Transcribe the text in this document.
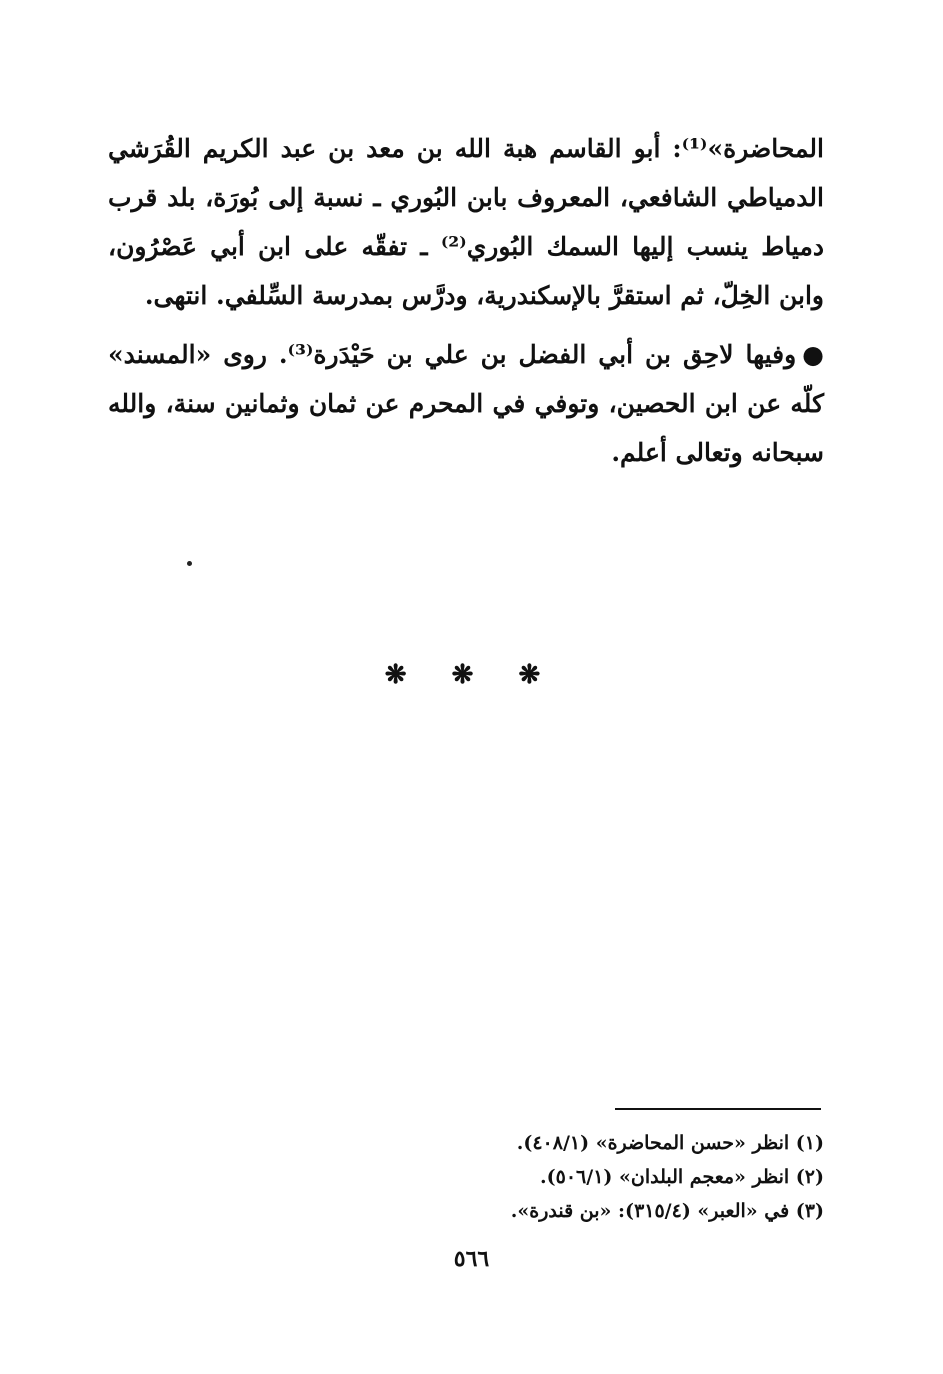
المحاضرة»⁽¹⁾: أبو القاسم هبة الله بن معد بن عبد الكريم القُرَشي الدمياطي الشافعي، المعروف بابن البُوري ـ نسبة إلى بُورَة، بلد قرب دمياط ينسب إليها السمك البُوري⁽²⁾ ـ تفقّه على ابن أبي عَصْرُون، وابن الخِلّ، ثم استقرَّ بالإسكندرية، ودرَّس بمدرسة السِّلفي. انتهى.

●وفيها لاحِق بن أبي الفضل بن علي بن حَيْدَرة⁽³⁾. روى «المسند» كلّه عن ابن الحصين، وتوفي في المحرم عن ثمان وثمانين سنة، والله سبحانه وتعالى أعلم.

❋ ❋ ❋

(١) انظر «حسن المحاضرة» (٤٠٨/١).

(٢) انظر «معجم البلدان» (٥٠٦/١).

(٣) في «العبر» (٣١٥/٤): «بن قندرة».

٥٦٦
